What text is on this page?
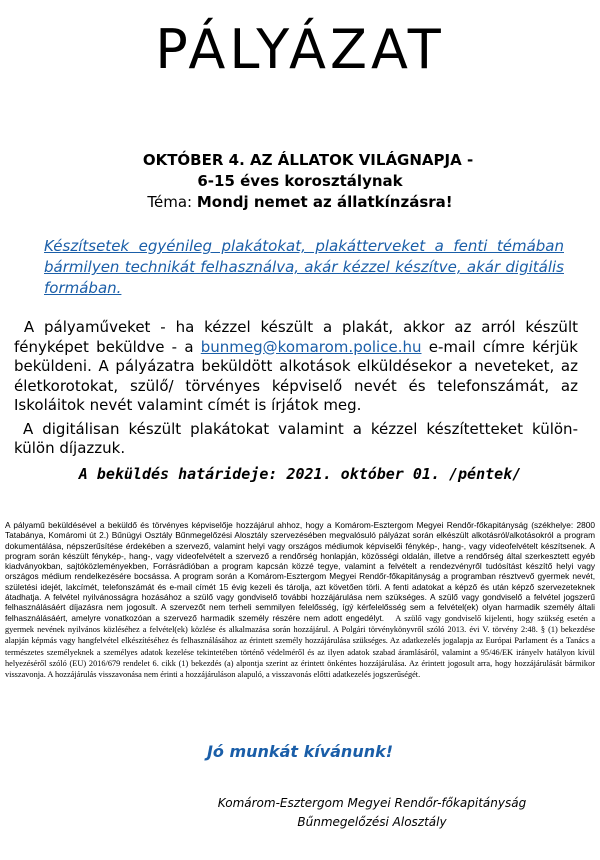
PÁLYÁZAT
OKTÓBER 4. AZ ÁLLATOK VILÁGNAPJA -
6-15 éves korosztálynak
Téma: Mondj nemet az állatkínzásra!

Készítsetek egyénileg plakátokat, plakátterveket a fenti témában bármilyen technikát felhasználva, akár kézzel készítve, akár digitális formában.

A pályaműveket - ha kézzel készült a plakát, akkor az arról készült fényképet beküldve - a bunmeg@komarom.police.hu e-mail címre kérjük beküldeni. A pályázatra beküldött alkotások elküldésekor a neveteket, az életkorotokat, szülő/ törvényes képviselő nevét és telefonszámát, az Iskoláitok nevét valamint címét is írjátok meg.

A digitálisan készült plakátokat valamint a kézzel készítetteket külön-külön díjazzuk.

A beküldés határideje: 2021. október 01. /péntek/

A pályamű beküldésével a beküldő és törvényes képviselője hozzájárul ahhoz, hogy a Komárom-Esztergom Megyei Rendőr-főkapitányság (székhelye: 2800 Tatabánya, Komáromi út 2.) Bűnügyi Osztály Bűnmegelőzési Alosztály szervezésében megvalósuló pályázat során elkészült alkotásról/alkotásokról a program dokumentálása, népszerűsítése érdekében a szervező, valamint helyi vagy országos médiumok képviselői fénykép-, hang-, vagy videofelvételt készítsenek. A program során készült fénykép-, hang-, vagy videofelvételt a szervező a rendőrség honlapján, közösségi oldalán, illetve a rendőrség által szerkesztett egyéb kiadványokban, sajtóközleményekben, Forrásrádióban a program kapcsán közzé tegye, valamint a felvételt a rendezvényről tudósítást készítő helyi vagy országos médium rendelkezésére bocsássa. A program során a Komárom-Esztergom Megyei Rendőr-főkapitányság a programban résztvevő gyermek nevét, születési idejét, lakcímét, telefonszámát és e-mail címét 15 évig kezeli és tárolja, azt követően törli. A fenti adatokat a képző és után képző szervezeteknek átadhatja. A felvétel nyilvánosságra hozásához a szülő vagy gondviselő további hozzájárulása nem szükséges. A szülő vagy gondviselő a felvétel jogszerű felhasználásáért díjazásra nem jogosult. A szervezőt nem terheli semmilyen felelősség, ígý kérfelelősség sem a felvétel(ek) olyan harmadik személy általi felhasználásáért, amelyre vonatkozóan a szervező harmadik személy részére nem adott engedélyt. A szülő vagy gondviselő kijelenti, hogy szükség esetén a gyermek nevének nyilvános közléséhez a felvétel(ek) közlése és alkalmazása során hozzájárul. A Polgári törvénykönyvről szóló 2013. évi V. törvény 2:48. § (1) bekezdése alapján képmás vagy hangfelvétel elkészítéséhez és felhasználásához az érintett személy hozzájárulása szükséges. Az adatkezelés jogalapja az Európai Parlament és a Tanács a természetes személyeknek a személyes adatok kezelése tekintetében történő védelméről és az ilyen adatok szabad áramlásáról, valamint a 95/46/EK irányelv hatályon kívül helyezéséről szóló (EU) 2016/679 rendelet 6. cikk (1) bekezdés (a) alpontja szerint az érintett önkéntes hozzájárulása. Az érintett jogosult arra, hogy hozzájárulását bármikor visszavonja. A hozzájárulás visszavonása nem érinti a hozzájáruláson alapuló, a visszavonás előtti adatkezelés jogszerűségét.

Jó munkát kívánunk!
Komárom-Esztergom Megyei Rendőr-főkapitányság
Bűnmegelőzési Alosztály
